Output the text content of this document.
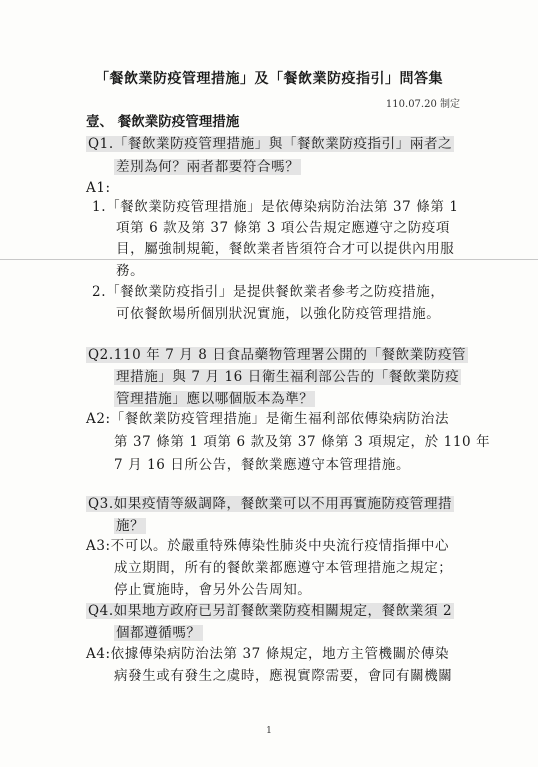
「餐飲業防疫管理措施」及「餐飲業防疫指引」問答集
110.07.20 制定
壹、 餐飲業防疫管理措施
Q1.「餐飲業防疫管理措施」與「餐飲業防疫指引」兩者之
差別為何？兩者都要符合嗎？
A1:
1.「餐飲業防疫管理措施」是依傳染病防治法第 37 條第 1
項第 6 款及第 37 條第 3 項公告規定應遵守之防疫項
目，屬強制規範，餐飲業者皆須符合才可以提供內用服
務。
2.「餐飲業防疫指引」是提供餐飲業者參考之防疫措施，
可依餐飲場所個別狀況實施，以強化防疫管理措施。
Q2.110 年 7 月 8 日食品藥物管理署公開的「餐飲業防疫管
理措施」與 7 月 16 日衛生福利部公告的「餐飲業防疫
管理措施」應以哪個版本為準？
A2:「餐飲業防疫管理措施」是衛生福利部依傳染病防治法
第 37 條第 1 項第 6 款及第 37 條第 3 項規定，於 110 年
7 月 16 日所公告，餐飲業應遵守本管理措施。
Q3.如果疫情等級調降，餐飲業可以不用再實施防疫管理措
施？
A3:不可以。於嚴重特殊傳染性肺炎中央流行疫情指揮中心
成立期間，所有的餐飲業都應遵守本管理措施之規定；
停止實施時，會另外公告周知。
Q4.如果地方政府已另訂餐飲業防疫相關規定，餐飲業須 2
個都遵循嗎？
A4:依據傳染病防治法第 37 條規定，地方主管機關於傳染
病發生或有發生之虞時，應視實際需要，會同有關機關
1
